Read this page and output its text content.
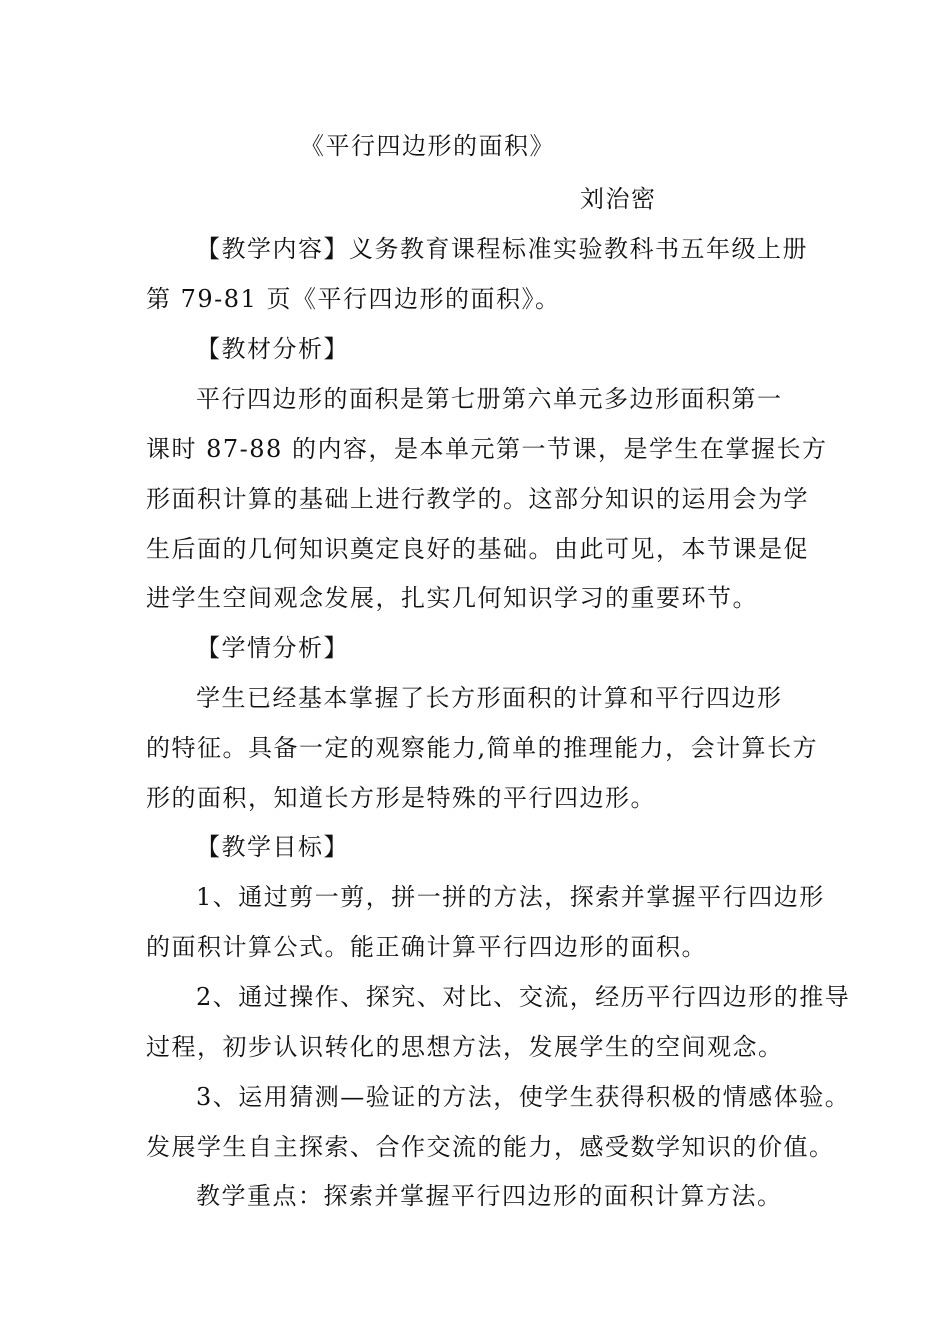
《平行四边形的面积》
刘治密
【教学内容】义务教育课程标准实验教科书五年级上册
第 79-81 页《平行四边形的面积》。
【教材分析】
平行四边形的面积是第七册第六单元多边形面积第一
课时 87-88 的内容，是本单元第一节课，是学生在掌握长方
形面积计算的基础上进行教学的。这部分知识的运用会为学
生后面的几何知识奠定良好的基础。由此可见，本节课是促
进学生空间观念发展，扎实几何知识学习的重要环节。
【学情分析】
学生已经基本掌握了长方形面积的计算和平行四边形
的特征。具备一定的观察能力,简单的推理能力，会计算长方
形的面积，知道长方形是特殊的平行四边形。
【教学目标】
1、通过剪一剪，拼一拼的方法，探索并掌握平行四边形
的面积计算公式。能正确计算平行四边形的面积。
2、通过操作、探究、对比、交流，经历平行四边形的推导
过程，初步认识转化的思想方法，发展学生的空间观念。
3、运用猜测—验证的方法，使学生获得积极的情感体验。
发展学生自主探索、合作交流的能力，感受数学知识的价值。
教学重点：探索并掌握平行四边形的面积计算方法。
